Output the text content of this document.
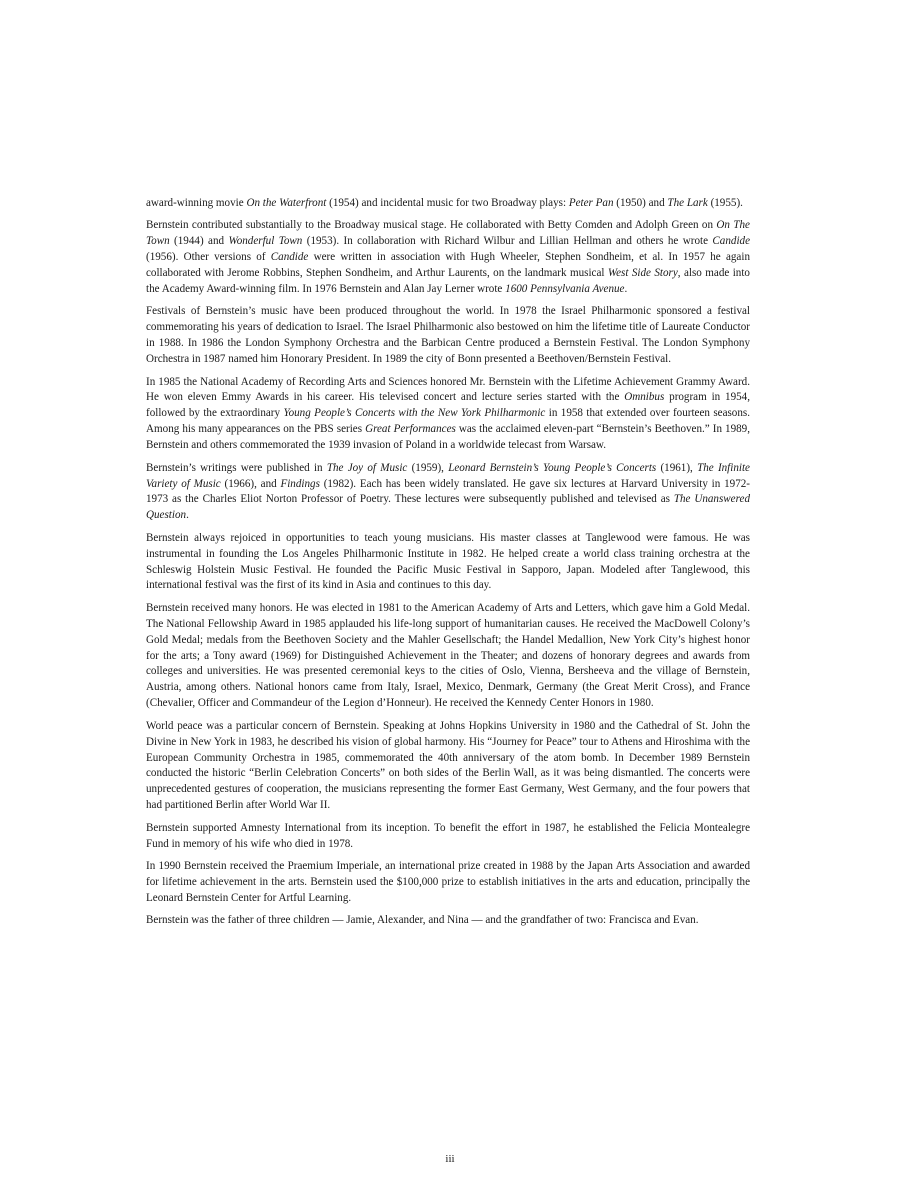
award-winning movie On the Waterfront (1954) and incidental music for two Broadway plays: Peter Pan (1950) and The Lark (1955).

Bernstein contributed substantially to the Broadway musical stage. He collaborated with Betty Comden and Adolph Green on On The Town (1944) and Wonderful Town (1953). In collaboration with Richard Wilbur and Lillian Hellman and others he wrote Candide (1956). Other versions of Candide were written in association with Hugh Wheeler, Stephen Sondheim, et al. In 1957 he again collaborated with Jerome Robbins, Stephen Sondheim, and Arthur Laurents, on the landmark musical West Side Story, also made into the Academy Award-winning film. In 1976 Bernstein and Alan Jay Lerner wrote 1600 Pennsylvania Avenue.

Festivals of Bernstein’s music have been produced throughout the world. In 1978 the Israel Philharmonic sponsored a festival commemorating his years of dedication to Israel. The Israel Philharmonic also bestowed on him the lifetime title of Laureate Conductor in 1988. In 1986 the London Symphony Orchestra and the Barbican Centre produced a Bernstein Festival. The London Symphony Orchestra in 1987 named him Honorary President. In 1989 the city of Bonn presented a Beethoven/Bernstein Festival.

In 1985 the National Academy of Recording Arts and Sciences honored Mr. Bernstein with the Lifetime Achievement Grammy Award. He won eleven Emmy Awards in his career. His televised concert and lecture series started with the Omnibus program in 1954, followed by the extraordinary Young People’s Concerts with the New York Philharmonic in 1958 that extended over fourteen seasons. Among his many appearances on the PBS series Great Performances was the acclaimed eleven-part “Bernstein’s Beethoven.” In 1989, Bernstein and others commemorated the 1939 invasion of Poland in a worldwide telecast from Warsaw.

Bernstein’s writings were published in The Joy of Music (1959), Leonard Bernstein’s Young People’s Concerts (1961), The Infinite Variety of Music (1966), and Findings (1982). Each has been widely translated. He gave six lectures at Harvard University in 1972-1973 as the Charles Eliot Norton Professor of Poetry. These lectures were subsequently published and televised as The Unanswered Question.

Bernstein always rejoiced in opportunities to teach young musicians. His master classes at Tanglewood were famous. He was instrumental in founding the Los Angeles Philharmonic Institute in 1982. He helped create a world class training orchestra at the Schleswig Holstein Music Festival. He founded the Pacific Music Festival in Sapporo, Japan. Modeled after Tanglewood, this international festival was the first of its kind in Asia and continues to this day.

Bernstein received many honors. He was elected in 1981 to the American Academy of Arts and Letters, which gave him a Gold Medal. The National Fellowship Award in 1985 applauded his life-long support of humanitarian causes. He received the MacDowell Colony’s Gold Medal; medals from the Beethoven Society and the Mahler Gesellschaft; the Handel Medallion, New York City’s highest honor for the arts; a Tony award (1969) for Distinguished Achievement in the Theater; and dozens of honorary degrees and awards from colleges and universities. He was presented ceremonial keys to the cities of Oslo, Vienna, Bersheeva and the village of Bernstein, Austria, among others. National honors came from Italy, Israel, Mexico, Denmark, Germany (the Great Merit Cross), and France (Chevalier, Officer and Commandeur of the Legion d’Honneur). He received the Kennedy Center Honors in 1980.

World peace was a particular concern of Bernstein. Speaking at Johns Hopkins University in 1980 and the Cathedral of St. John the Divine in New York in 1983, he described his vision of global harmony. His “Journey for Peace” tour to Athens and Hiroshima with the European Community Orchestra in 1985, commemorated the 40th anniversary of the atom bomb. In December 1989 Bernstein conducted the historic “Berlin Celebration Concerts” on both sides of the Berlin Wall, as it was being dismantled. The concerts were unprecedented gestures of cooperation, the musicians representing the former East Germany, West Germany, and the four powers that had partitioned Berlin after World War II.

Bernstein supported Amnesty International from its inception. To benefit the effort in 1987, he established the Felicia Montealegre Fund in memory of his wife who died in 1978.

In 1990 Bernstein received the Praemium Imperiale, an international prize created in 1988 by the Japan Arts Association and awarded for lifetime achievement in the arts. Bernstein used the $100,000 prize to establish initiatives in the arts and education, principally the Leonard Bernstein Center for Artful Learning.

Bernstein was the father of three children — Jamie, Alexander, and Nina — and the grandfather of two: Francisca and Evan.

iii
